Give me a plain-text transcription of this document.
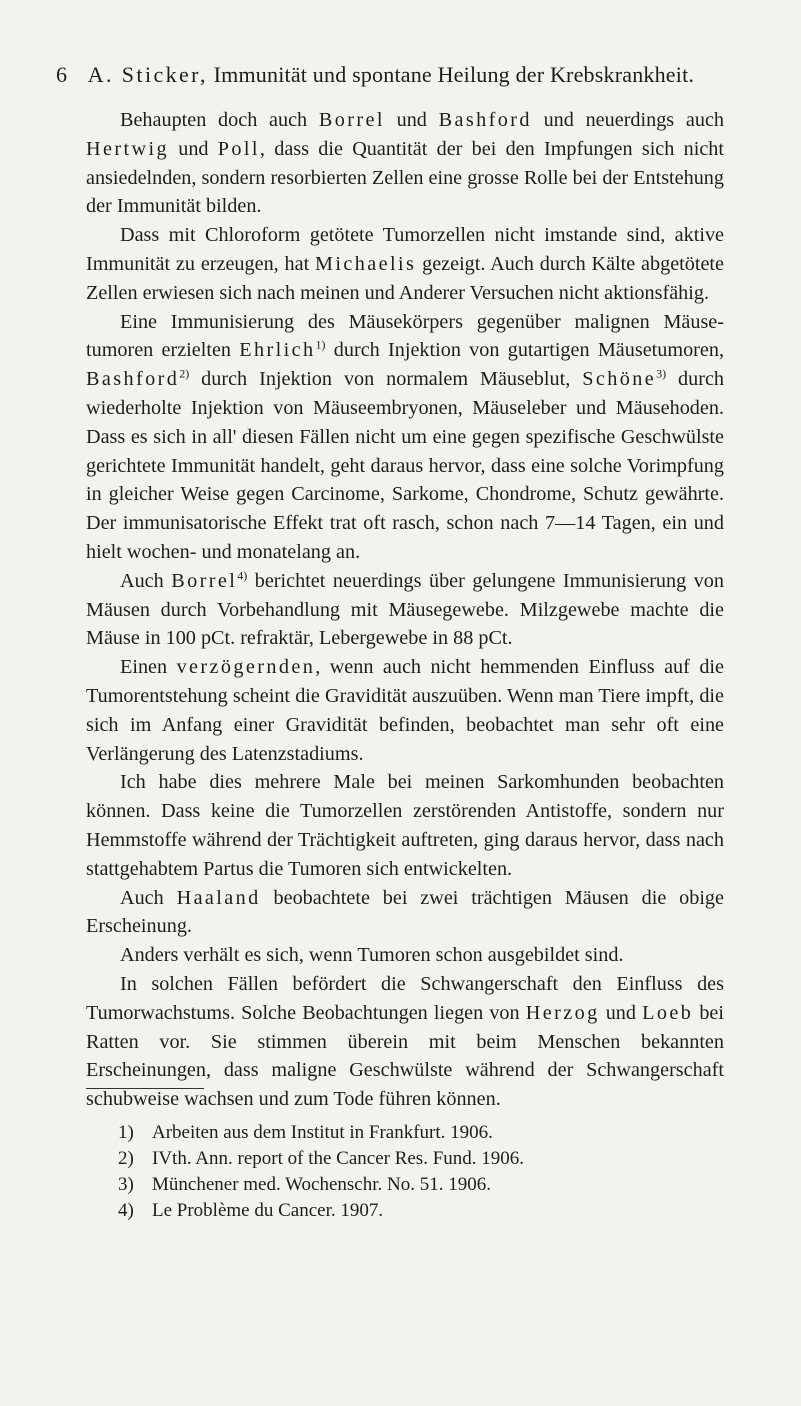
6 A. Sticker, Immunität und spontane Heilung der Krebskrankheit.

Behaupten doch auch Borrel und Bashford und neuerdings auch Hertwig und Poll, dass die Quantität der bei den Impfungen sich nicht ansiedelnden, sondern resorbierten Zellen eine grosse Rolle bei der Entstehung der Immunität bilden.

Dass mit Chloroform getötete Tumorzellen nicht imstande sind, aktive Immunität zu erzeugen, hat Michaelis gezeigt. Auch durch Kälte abgetötete Zellen erwiesen sich nach meinen und Anderer Versuchen nicht aktionsfähig.

Eine Immunisierung des Mäusekörpers gegenüber malignen Mäusetumoren erzielten Ehrlich$^{1)}$ durch Injektion von gutartigen Mäusetumoren, Bashford$^{2)}$ durch Injektion von normalem Mäuseblut, Schöne$^{3)}$ durch wiederholte Injektion von Mäuseembryonen, Mäuseleber und Mäusehoden. Dass es sich in all' diesen Fällen nicht um eine gegen spezifische Geschwülste gerichtete Immunität handelt, geht daraus hervor, dass eine solche Vorimpfung in gleicher Weise gegen Carcinome, Sarkome, Chondrome, Schutz gewährte. Der immunisatorische Effekt trat oft rasch, schon nach 7—14 Tagen, ein und hielt wochen- und monatelang an.

Auch Borrel$^{4)}$ berichtet neuerdings über gelungene Immunisierung von Mäusen durch Vorbehandlung mit Mäusegewebe. Milzgewebe machte die Mäuse in 100 pCt. refraktär, Lebergewebe in 88 pCt.

Einen verzögernden, wenn auch nicht hemmenden Einfluss auf die Tumorentstehung scheint die Gravidität auszuüben. Wenn man Tiere impft, die sich im Anfang einer Gravidität befinden, beobachtet man sehr oft eine Verlängerung des Latenzstadiums.

Ich habe dies mehrere Male bei meinen Sarkomhunden beobachten können. Dass keine die Tumorzellen zerstörenden Antistoffe, sondern nur Hemmstoffe während der Trächtigkeit auftreten, ging daraus hervor, dass nach stattgehabtem Partus die Tumoren sich entwickelten.

Auch Haaland beobachtete bei zwei trächtigen Mäusen die obige Erscheinung.

Anders verhält es sich, wenn Tumoren schon ausgebildet sind.

In solchen Fällen befördert die Schwangerschaft den Einfluss des Tumorwachstums. Solche Beobachtungen liegen von Herzog und Loeb bei Ratten vor. Sie stimmen überein mit beim Menschen bekannten Erscheinungen, dass maligne Geschwülste während der Schwangerschaft schubweise wachsen und zum Tode führen können.

1) Arbeiten aus dem Institut in Frankfurt. 1906.
2) IVth. Ann. report of the Cancer Res. Fund. 1906.
3) Münchener med. Wochenschr. No. 51. 1906.
4) Le Problème du Cancer. 1907.
